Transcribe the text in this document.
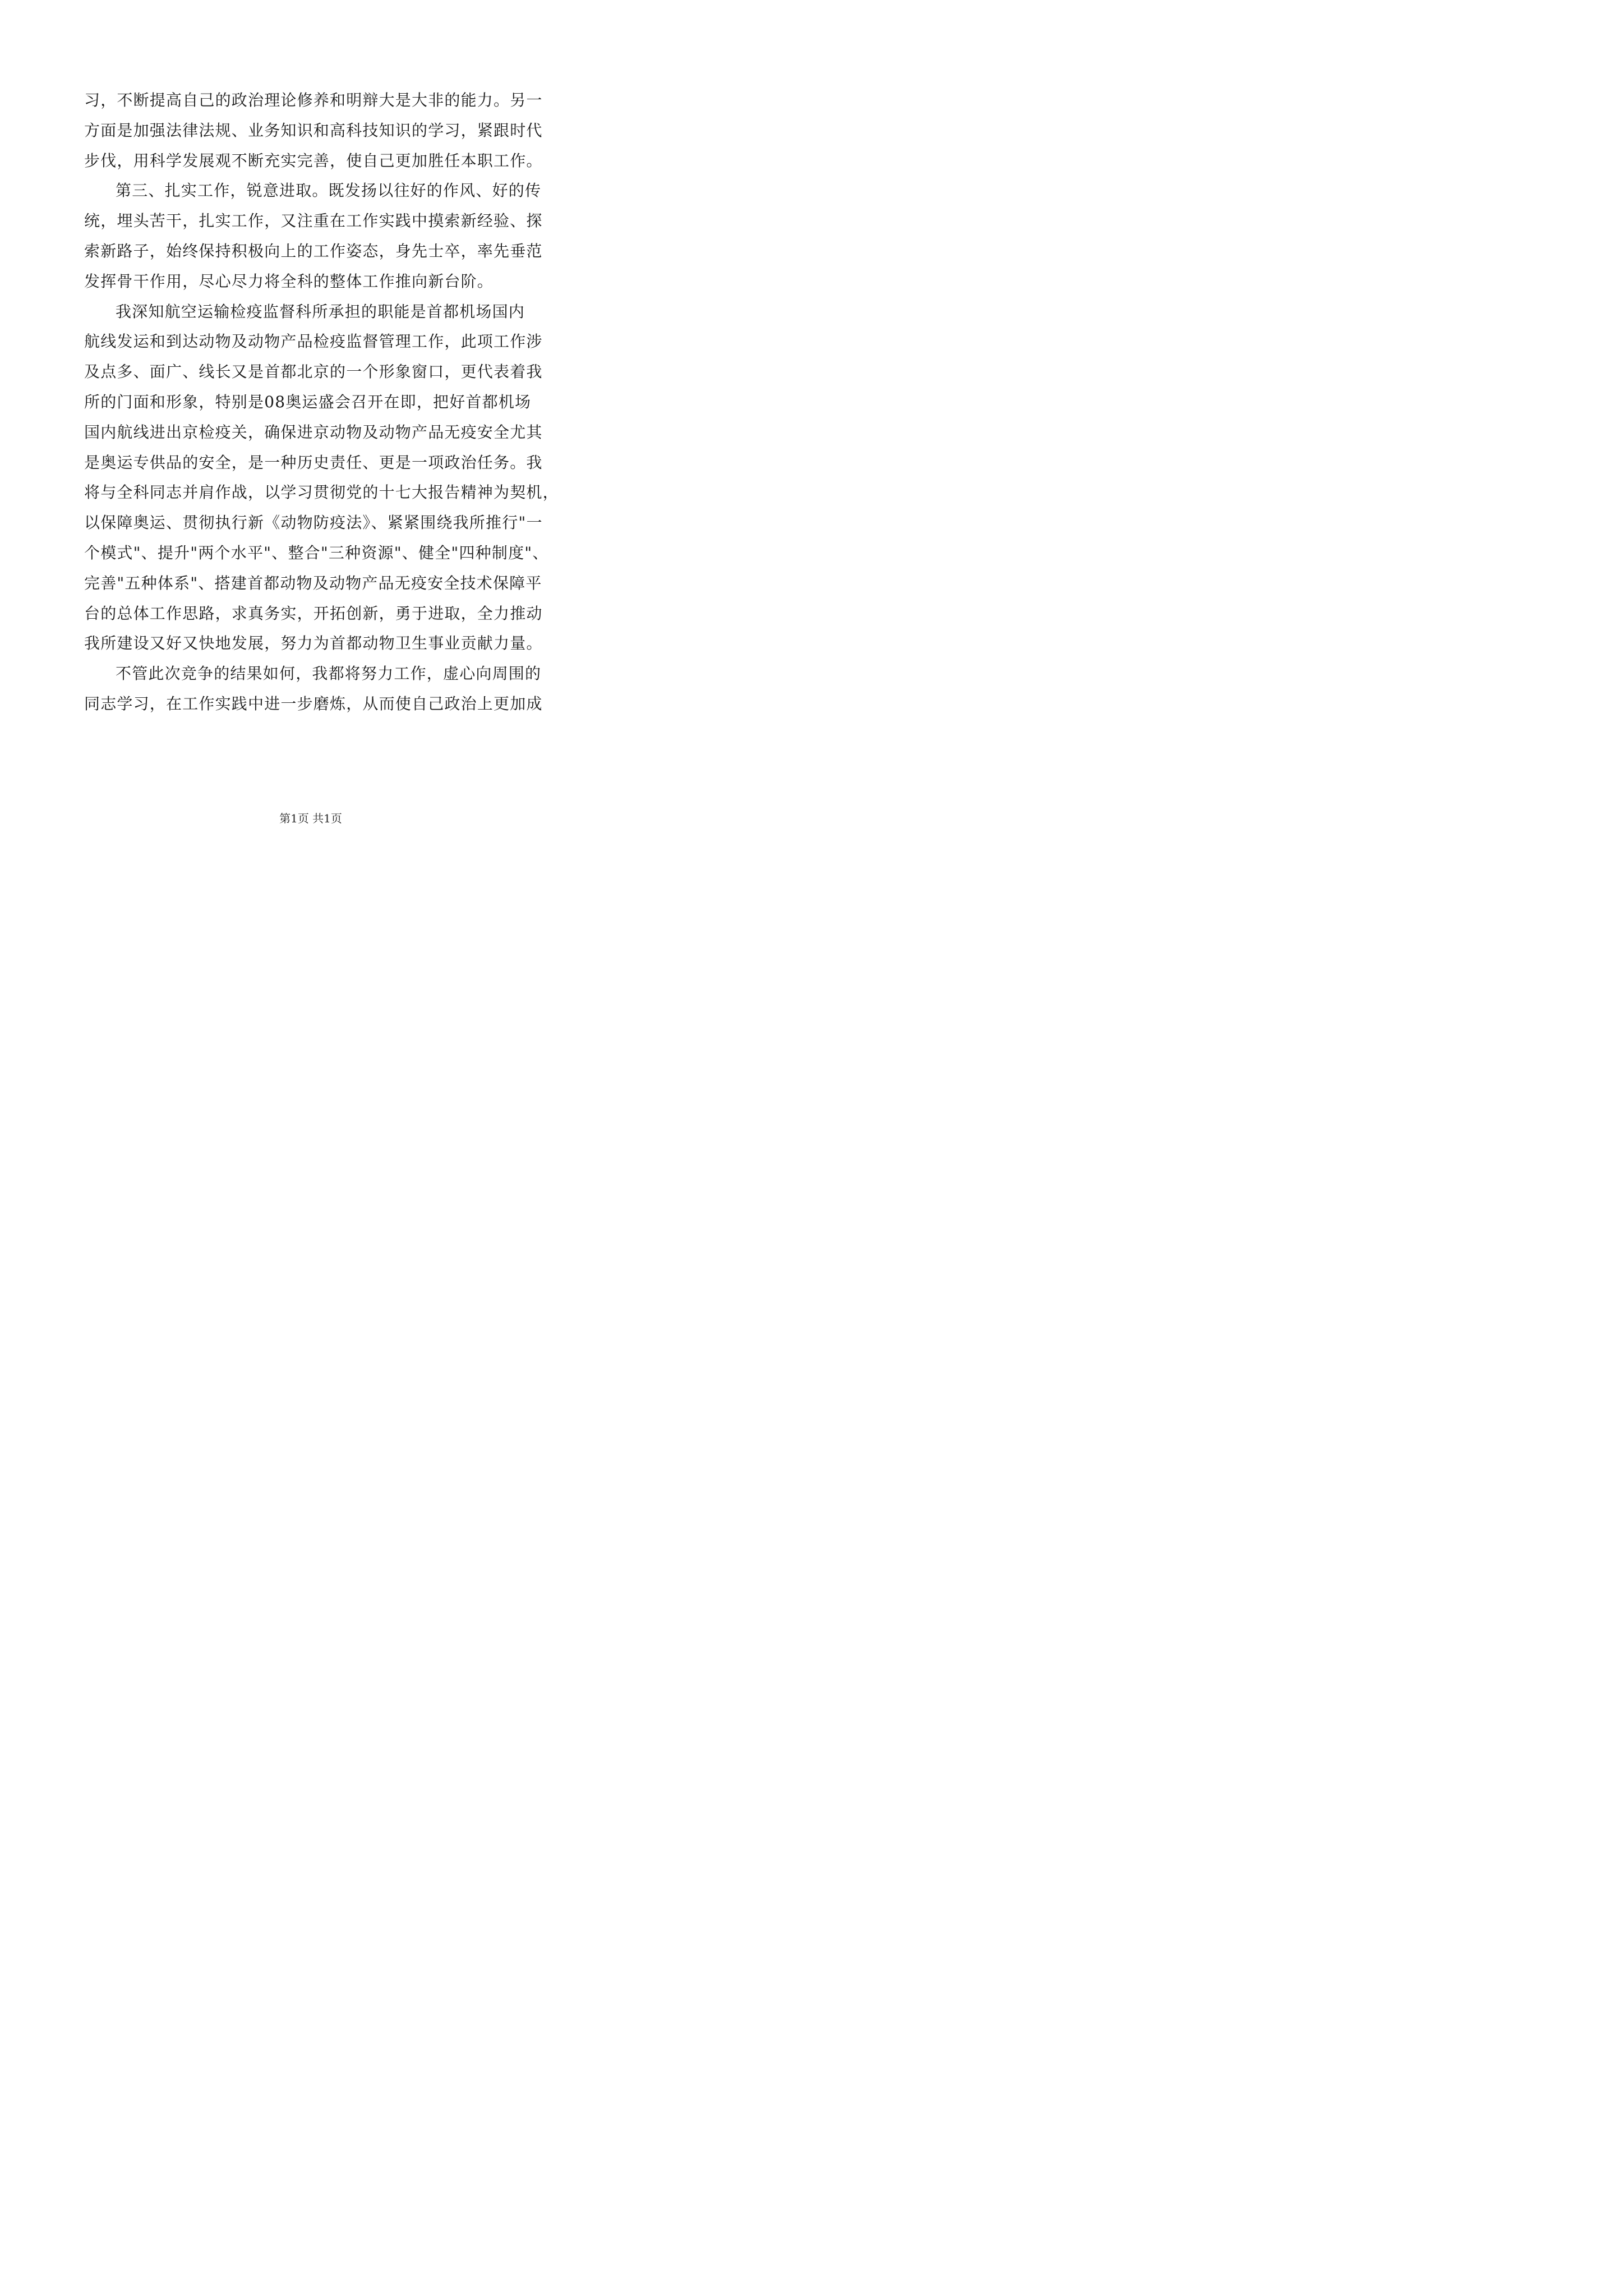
习，不断提高自己的政治理论修养和明辩大是大非的能力。另一
方面是加强法律法规、业务知识和高科技知识的学习，紧跟时代
步伐，用科学发展观不断充实完善，使自己更加胜任本职工作。
第三、扎实工作，锐意进取。既发扬以往好的作风、好的传
统，埋头苦干，扎实工作，又注重在工作实践中摸索新经验、探
索新路子，始终保持积极向上的工作姿态，身先士卒，率先垂范
发挥骨干作用，尽心尽力将全科的整体工作推向新台阶。
我深知航空运输检疫监督科所承担的职能是首都机场国内
航线发运和到达动物及动物产品检疫监督管理工作，此项工作涉
及点多、面广、线长又是首都北京的一个形象窗口，更代表着我
所的门面和形象，特别是08奥运盛会召开在即，把好首都机场
国内航线进出京检疫关，确保进京动物及动物产品无疫安全尤其
是奥运专供品的安全，是一种历史责任、更是一项政治任务。我
将与全科同志并肩作战，以学习贯彻党的十七大报告精神为契机，
以保障奥运、贯彻执行新《动物防疫法》、紧紧围绕我所推行"一
个模式"、提升"两个水平"、整合"三种资源"、健全"四种制度"、
完善"五种体系"、搭建首都动物及动物产品无疫安全技术保障平
台的总体工作思路，求真务实，开拓创新，勇于进取，全力推动
我所建设又好又快地发展，努力为首都动物卫生事业贡献力量。
不管此次竞争的结果如何，我都将努力工作，虚心向周围的
同志学习，在工作实践中进一步磨炼，从而使自己政治上更加成
第1页 共1页
